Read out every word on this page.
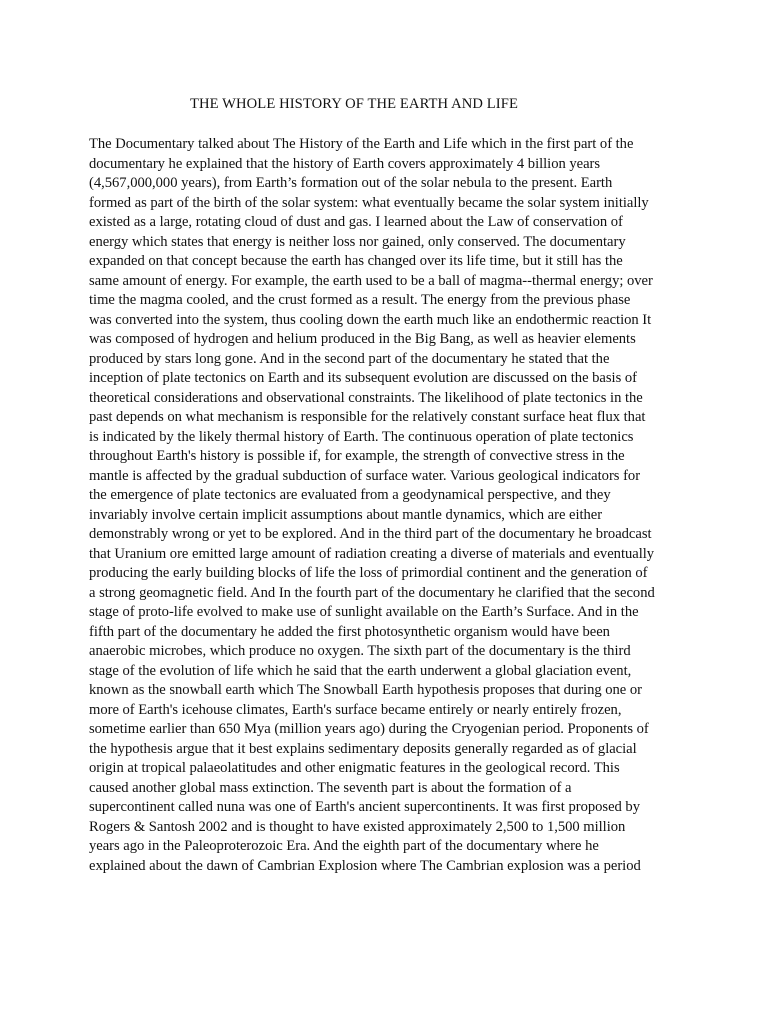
THE WHOLE HISTORY OF THE EARTH AND LIFE
The Documentary talked about The History of the Earth and Life which in the first part of the
documentary he explained that the history of Earth covers approximately 4 billion years
(4,567,000,000 years), from Earth’s formation out of the solar nebula to the present. Earth
formed as part of the birth of the solar system: what eventually became the solar system initially
existed as a large, rotating cloud of dust and gas. I learned about the Law of conservation of
energy which states that energy is neither loss nor gained, only conserved. The documentary
expanded on that concept because the earth has changed over its life time, but it still has the
same amount of energy. For example, the earth used to be a ball of magma--thermal energy; over
time the magma cooled, and the crust formed as a result. The energy from the previous phase
was converted into the system, thus cooling down the earth much like an endothermic reaction It
was composed of hydrogen and helium produced in the Big Bang, as well as heavier elements
produced by stars long gone. And in the second part of the documentary he stated that the
inception of plate tectonics on Earth and its subsequent evolution are discussed on the basis of
theoretical considerations and observational constraints. The likelihood of plate tectonics in the
past depends on what mechanism is responsible for the relatively constant surface heat flux that
is indicated by the likely thermal history of Earth. The continuous operation of plate tectonics
throughout Earth's history is possible if, for example, the strength of convective stress in the
mantle is affected by the gradual subduction of surface water. Various geological indicators for
the emergence of plate tectonics are evaluated from a geodynamical perspective, and they
invariably involve certain implicit assumptions about mantle dynamics, which are either
demonstrably wrong or yet to be explored. And in the third part of the documentary he broadcast
that Uranium ore emitted large amount of radiation creating a diverse of materials and eventually
producing the early building blocks of life the loss of primordial continent and the generation of
a strong geomagnetic field. And In the fourth part of the documentary he clarified that the second
stage of proto-life evolved to make use of sunlight available on the Earth’s Surface. And in the
fifth part of the documentary he added the first photosynthetic organism would have been
anaerobic microbes, which produce no oxygen. The sixth part of the documentary is the third
stage of the evolution of life which he said that the earth underwent a global glaciation event,
known as the snowball earth which The Snowball Earth hypothesis proposes that during one or
more of Earth's icehouse climates, Earth's surface became entirely or nearly entirely frozen,
sometime earlier than 650 Mya (million years ago) during the Cryogenian period. Proponents of
the hypothesis argue that it best explains sedimentary deposits generally regarded as of glacial
origin at tropical palaeolatitudes and other enigmatic features in the geological record. This
caused another global mass extinction. The seventh part is about the formation of a
supercontinent called nuna was one of Earth's ancient supercontinents. It was first proposed by
Rogers & Santosh 2002 and is thought to have existed approximately 2,500 to 1,500 million
years ago in the Paleoproterozoic Era. And the eighth part of the documentary where he
explained about the dawn of Cambrian Explosion where The Cambrian explosion was a period
